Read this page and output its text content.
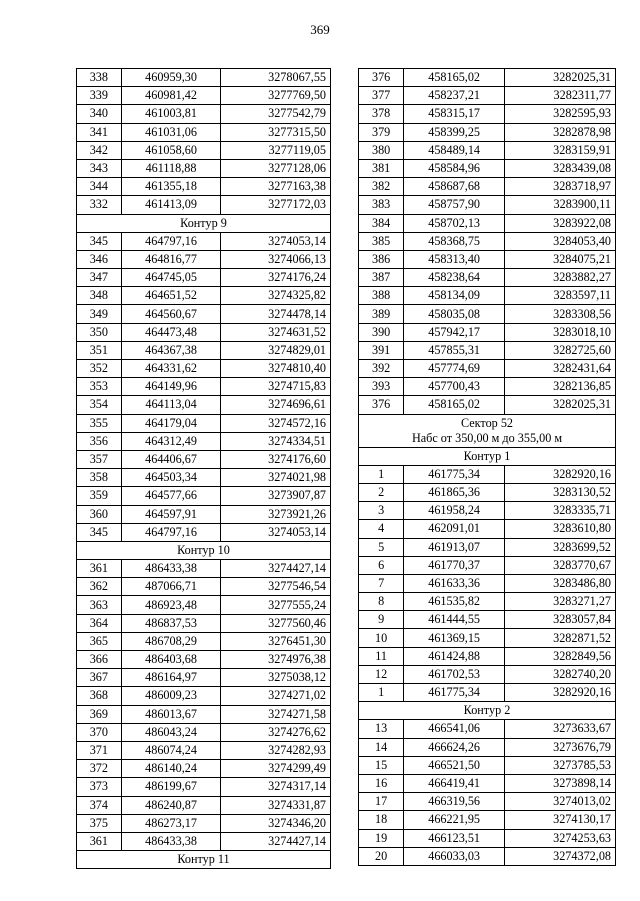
369
338	460959,30	3278067,55
339	460981,42	3277769,50
340	461003,81	3277542,79
341	461031,06	3277315,50
342	461058,60	3277119,05
343	461118,88	3277128,06
344	461355,18	3277163,38
332	461413,09	3277172,03
Контур 9		
345	464797,16	3274053,14
346	464816,77	3274066,13
347	464745,05	3274176,24
348	464651,52	3274325,82
349	464560,67	3274478,14
350	464473,48	3274631,52
351	464367,38	3274829,01
352	464331,62	3274810,40
353	464149,96	3274715,83
354	464113,04	3274696,61
355	464179,04	3274572,16
356	464312,49	3274334,51
357	464406,67	3274176,60
358	464503,34	3274021,98
359	464577,66	3273907,87
360	464597,91	3273921,26
345	464797,16	3274053,14
Контур 10		
361	486433,38	3274427,14
362	487066,71	3277546,54
363	486923,48	3277555,24
364	486837,53	3277560,46
365	486708,29	3276451,30
366	486403,68	3274976,38
367	486164,97	3275038,12
368	486009,23	3274271,02
369	486013,67	3274271,58
370	486043,24	3274276,62
371	486074,24	3274282,93
372	486140,24	3274299,49
373	486199,67	3274317,14
374	486240,87	3274331,87
375	486273,17	3274346,20
361	486433,38	3274427,14
Контур 11		
376	458165,02	3282025,31
377	458237,21	3282311,77
378	458315,17	3282595,93
379	458399,25	3282878,98
380	458489,14	3283159,91
381	458584,96	3283439,08
382	458687,68	3283718,97
383	458757,90	3283900,11
384	458702,13	3283922,08
385	458368,75	3284053,40
386	458313,40	3284075,21
387	458238,64	3283882,27
388	458134,09	3283597,11
389	458035,08	3283308,56
390	457942,17	3283018,10
391	457855,31	3282725,60
392	457774,69	3282431,64
393	457700,43	3282136,85
376	458165,02	3282025,31

Сектор 52
Набс от 350,00 м до 355,00 м		

Контур 1		
1	461775,34	3282920,16
2	461865,36	3283130,52
3	461958,24	3283335,71
4	462091,01	3283610,80
5	461913,07	3283699,52
6	461770,37	3283770,67
7	461633,36	3283486,80
8	461535,82	3283271,27
9	461444,55	3283057,84
10	461369,15	3282871,52
11	461424,88	3282849,56
12	461702,53	3282740,20
1	461775,34	3282920,16
Контур 2		
13	466541,06	3273633,67
14	466624,26	3273676,79
15	466521,50	3273785,53
16	466419,41	3273898,14
17	466319,56	3274013,02
18	466221,95	3274130,17
19	466123,51	3274253,63
20	466033,03	3274372,08
